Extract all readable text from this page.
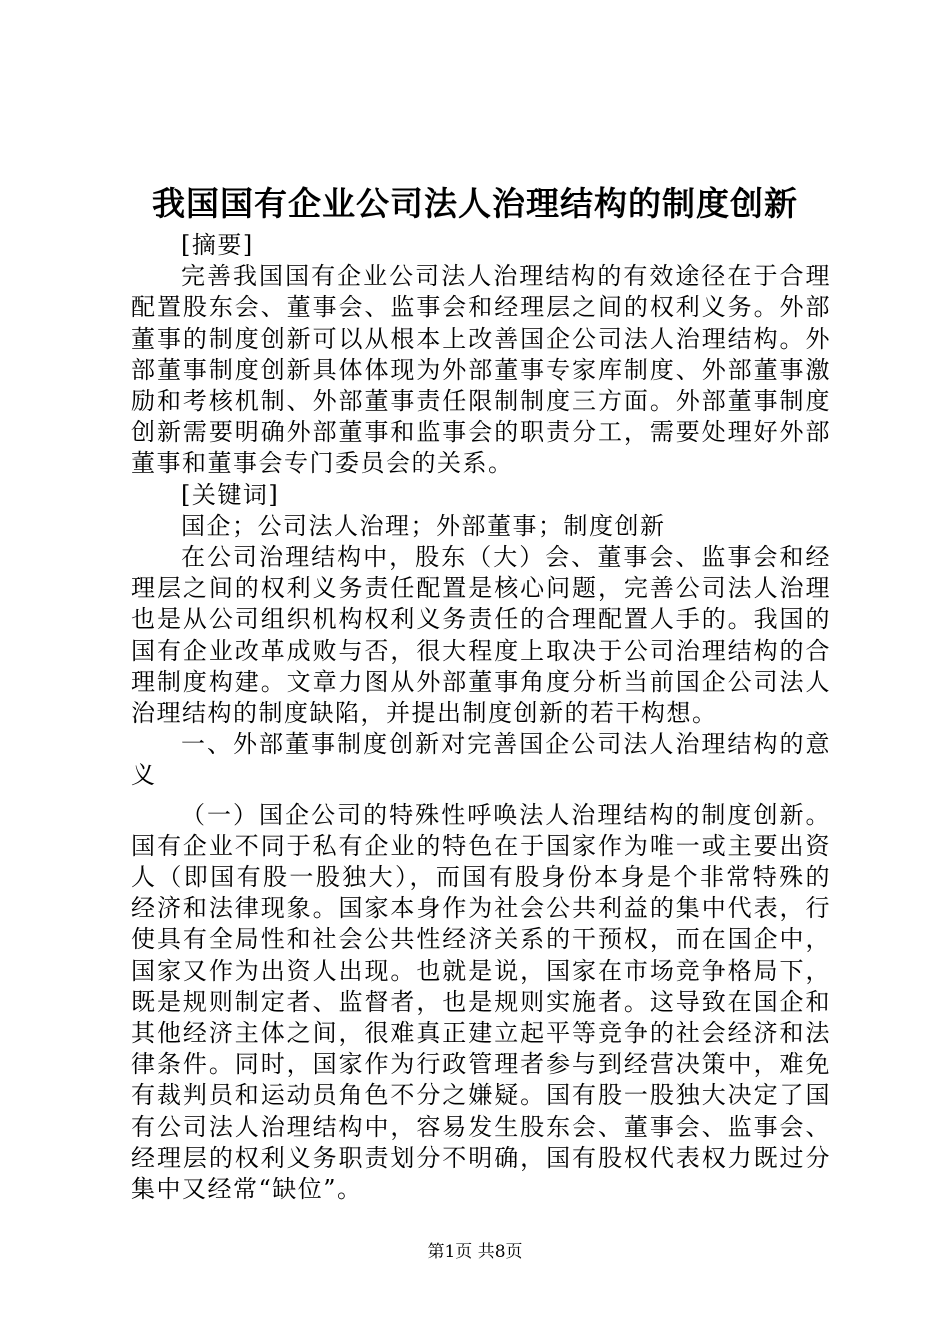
我国国有企业公司法人治理结构的制度创新

[摘要]

完善我国国有企业公司法人治理结构的有效途径在于合理配置股东会、董事会、监事会和经理层之间的权利义务。外部董事的制度创新可以从根本上改善国企公司法人治理结构。外部董事制度创新具体体现为外部董事专家库制度、外部董事激励和考核机制、外部董事责任限制制度三方面。外部董事制度创新需要明确外部董事和监事会的职责分工，需要处理好外部董事和董事会专门委员会的关系。

[关键词]

国企；公司法人治理；外部董事；制度创新

在公司治理结构中，股东（大）会、董事会、监事会和经理层之间的权利义务责任配置是核心问题，完善公司法人治理也是从公司组织机构权利义务责任的合理配置人手的。我国的国有企业改革成败与否，很大程度上取决于公司治理结构的合理制度构建。文章力图从外部董事角度分析当前国企公司法人治理结构的制度缺陷，并提出制度创新的若干构想。

一、外部董事制度创新对完善国企公司法人治理结构的意义

（一）国企公司的特殊性呼唤法人治理结构的制度创新。国有企业不同于私有企业的特色在于国家作为唯一或主要出资人（即国有股一股独大），而国有股身份本身是个非常特殊的经济和法律现象。国家本身作为社会公共利益的集中代表，行使具有全局性和社会公共性经济关系的干预权，而在国企中，国家又作为出资人出现。也就是说，国家在市场竞争格局下，既是规则制定者、监督者，也是规则实施者。这导致在国企和其他经济主体之间，很难真正建立起平等竞争的社会经济和法律条件。同时，国家作为行政管理者参与到经营决策中，难免有裁判员和运动员角色不分之嫌疑。国有股一股独大决定了国有公司法人治理结构中，容易发生股东会、董事会、监事会、经理层的权利义务职责划分不明确，国有股权代表权力既过分集中又经常“缺位”。

第1页 共8页
